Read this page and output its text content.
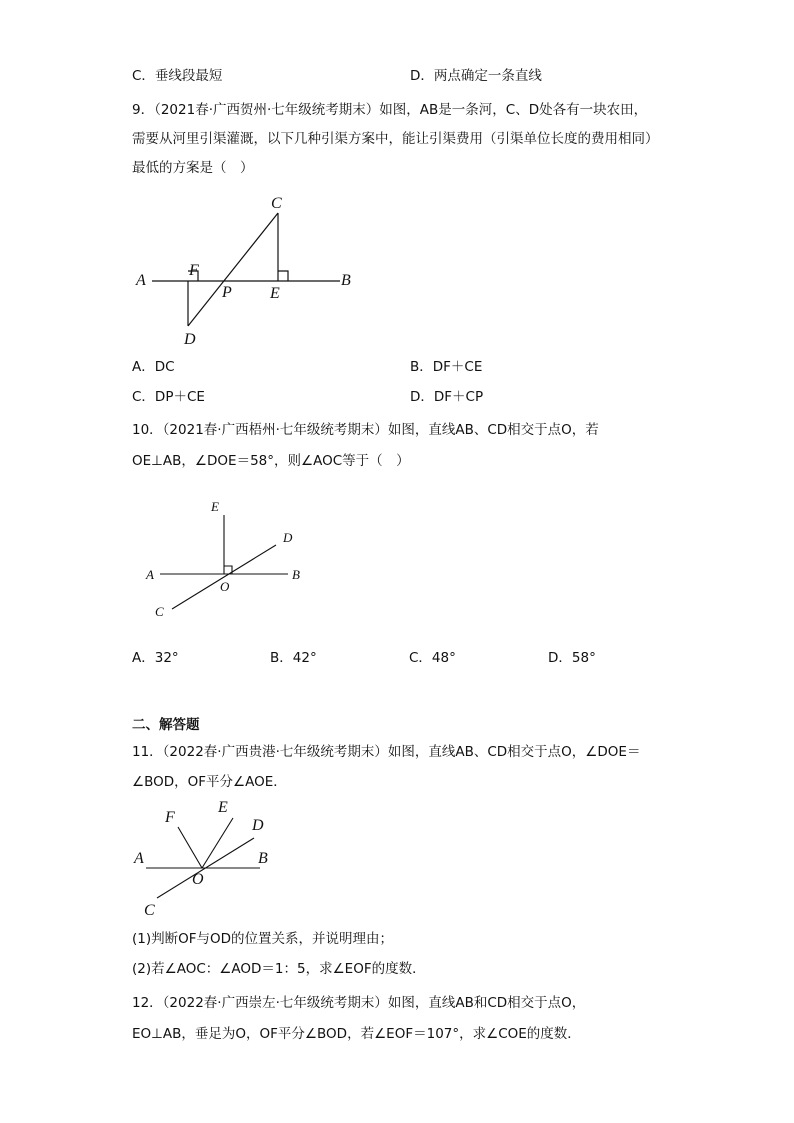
C．垂线段最短	D．两点确定一条直线
9．（2021春·广西贺州·七年级统考期末）如图，AB是一条河，C、D处各有一块农田，
需要从河里引渠灌溉，以下几种引渠方案中，能让引渠费用（引渠单位长度的费用相同）
最低的方案是（　）
A	B
C
D
E
F
P
A．DC	B．DF＋CE
C．DP＋CE	D．DF＋CP
10．（2021春·广西梧州·七年级统考期末）如图，直线AB、CD相交于点O，若
OE⊥AB，∠DOE＝58°，则∠AOC等于（　）
E
D
A	B
O
C
A．32°	B．42°	C．48°	D．58°
二、解答题
11．（2022春·广西贵港·七年级统考期末）如图，直线AB、CD相交于点O，∠DOE＝
∠BOD，OF平分∠AOE．
F
E
D
A	B
O
C
(1)判断OF与OD的位置关系，并说明理由；
(2)若∠AOC：∠AOD＝1：5，求∠EOF的度数．
12．（2022春·广西崇左·七年级统考期末）如图，直线AB和CD相交于点O，
EO⊥AB，垂足为O，OF平分∠BOD，若∠EOF＝107°，求∠COE的度数．
